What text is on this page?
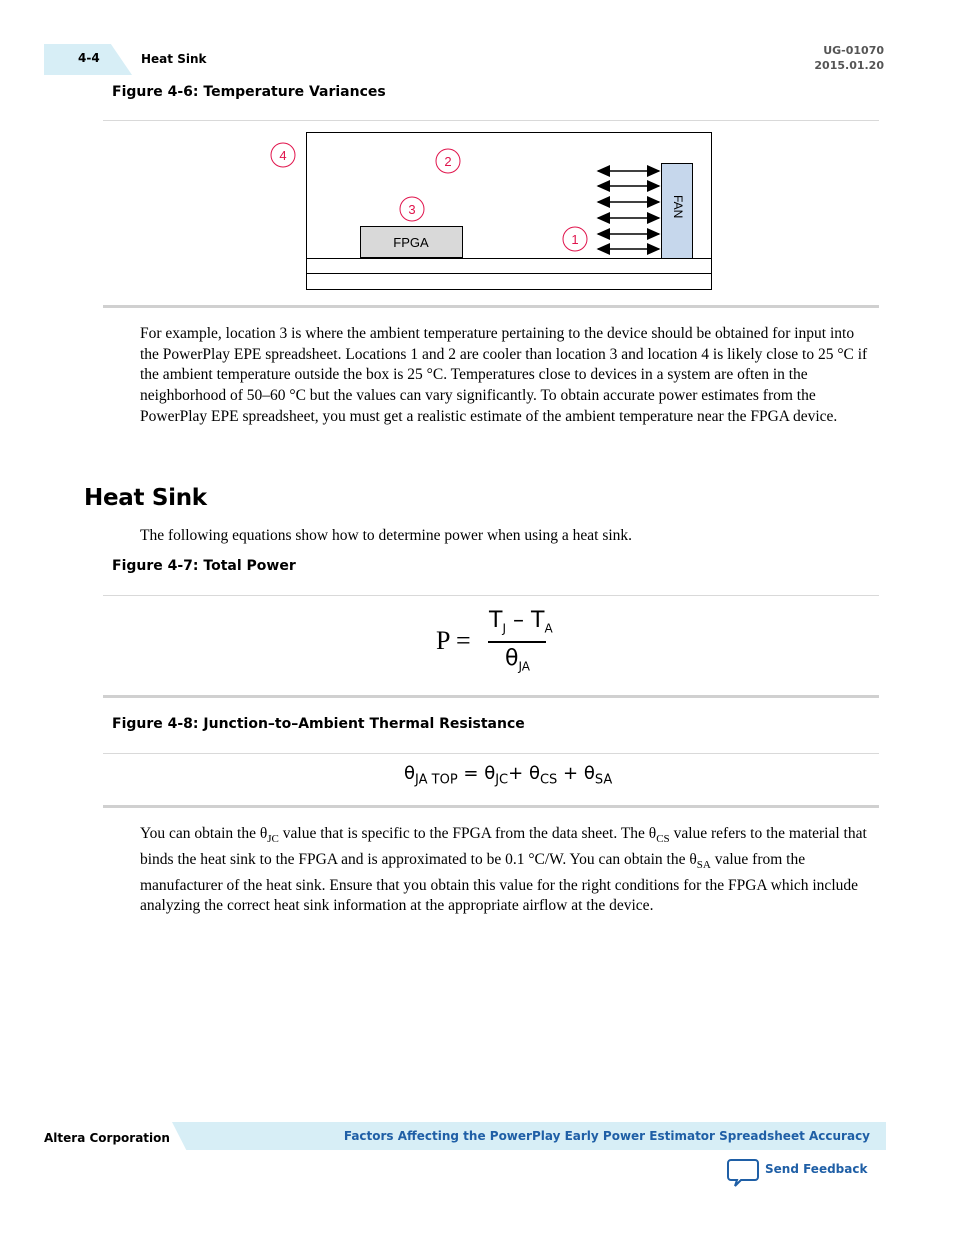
4-4	Heat Sink
UG-01070
2015.01.20
Figure 4-6: Temperature Variances
FPGA
FAN
1
2
3
4
For example, location 3 is where the ambient temperature pertaining to the device should be obtained for input into the PowerPlay EPE spreadsheet. Locations 1 and 2 are cooler than location 3 and location 4 is likely close to 25 °C if the ambient temperature outside the box is 25 °C. Temperatures close to devices in a system are often in the neighborhood of 50–60 °C but the values can vary significantly. To obtain accurate power estimates from the PowerPlay EPE spreadsheet, you must get a realistic estimate of the ambient temperature near the FPGA device.
Heat Sink
The following equations show how to determine power when using a heat sink.
Figure 4-7: Total Power
P =
$T_J - T_A$
$\theta_{JA}$
Figure 4-8: Junction–to–Ambient Thermal Resistance
$\theta_{JA TOP} = \theta_{JC}+ \theta_{CS} + \theta_{SA}$
You can obtain the $\theta_{JC}$ value that is specific to the FPGA from the data sheet. The $\theta_{CS}$ value refers to the material that binds the heat sink to the FPGA and is approximated to be 0.1 °C/W. You can obtain the $\theta_{SA}$ value from the manufacturer of the heat sink. Ensure that you obtain this value for the right conditions for the FPGA which include analyzing the correct heat sink information at the appropriate airflow at the device.
Altera Corporation	Factors Affecting the PowerPlay Early Power Estimator Spreadsheet Accuracy
Send Feedback
